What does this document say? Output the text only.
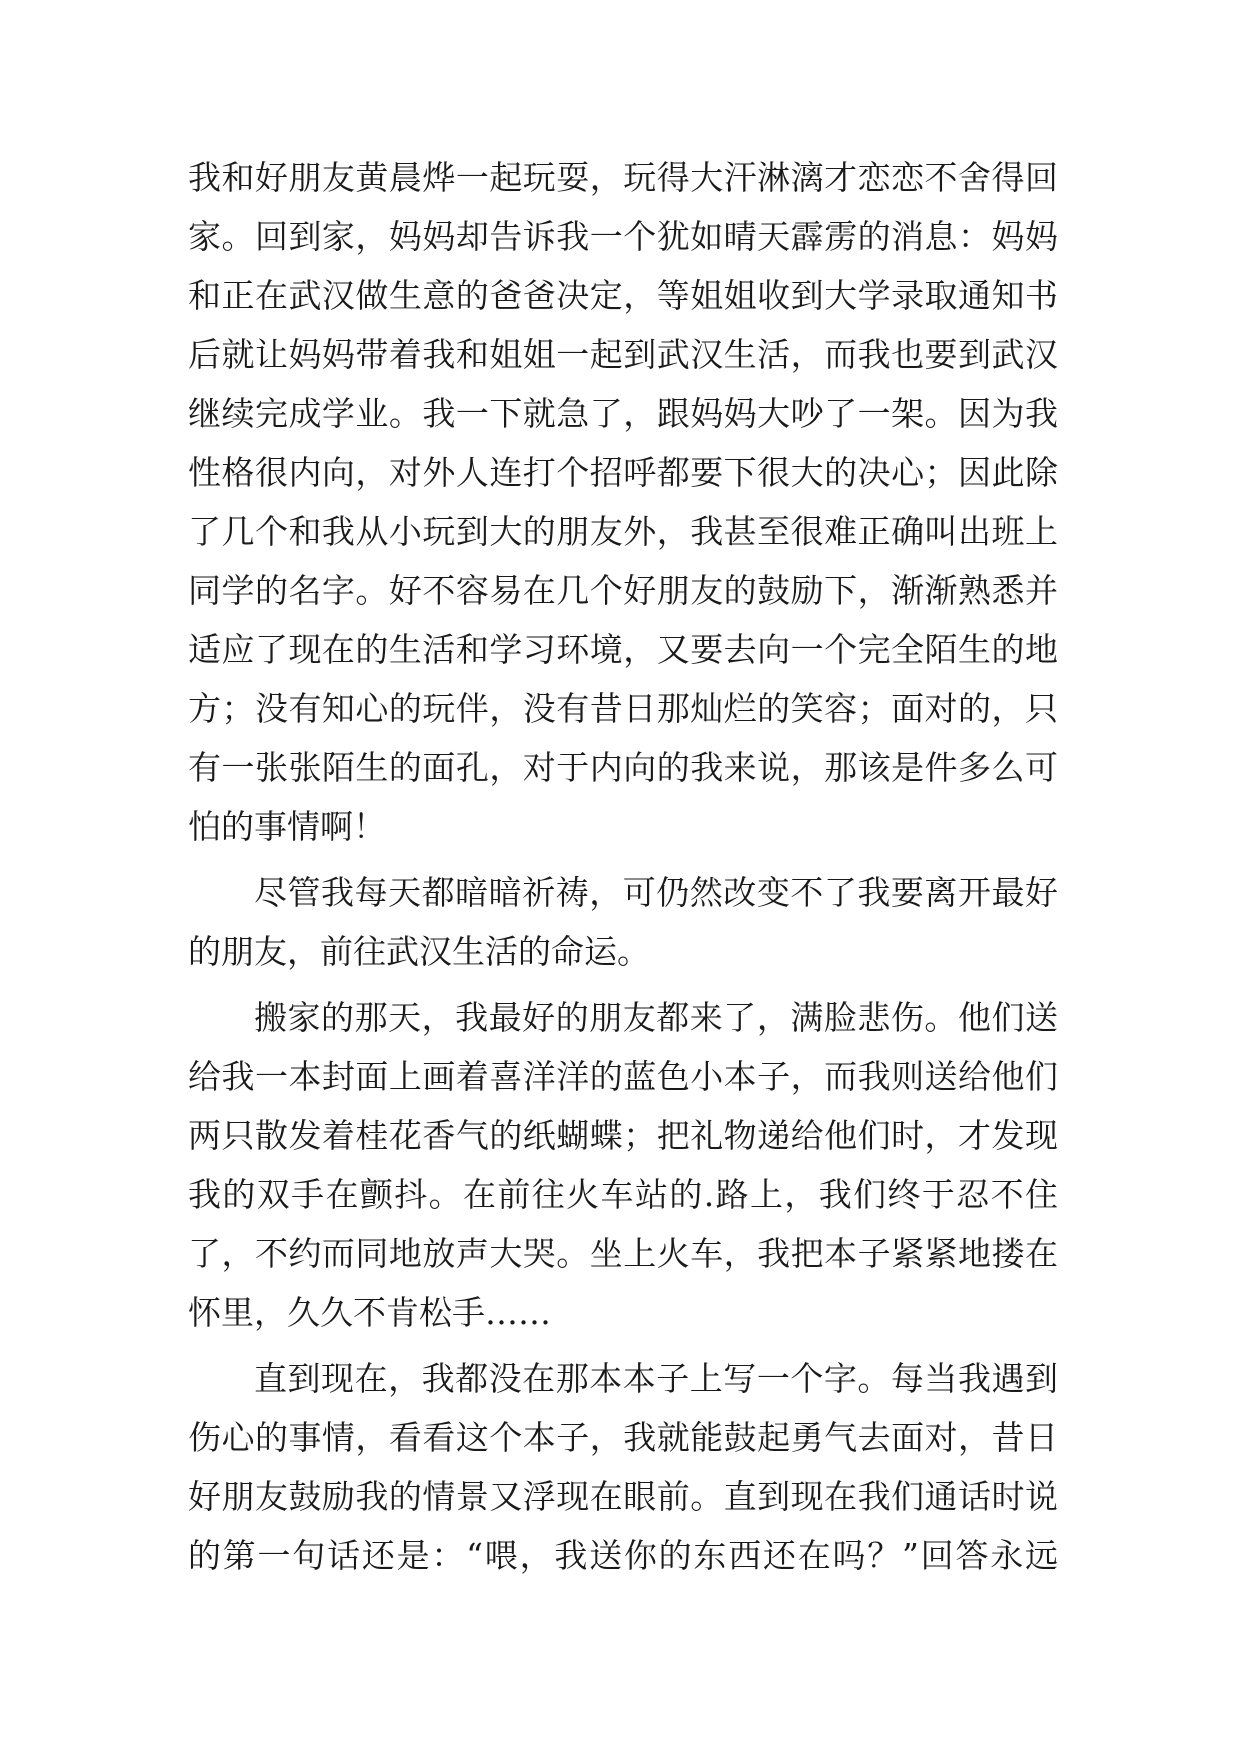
我和好朋友黄晨烨一起玩耍，玩得大汗淋漓才恋恋不舍得回
家。回到家，妈妈却告诉我一个犹如晴天霹雳的消息：妈妈
和正在武汉做生意的爸爸决定，等姐姐收到大学录取通知书
后就让妈妈带着我和姐姐一起到武汉生活，而我也要到武汉
继续完成学业。我一下就急了，跟妈妈大吵了一架。因为我
性格很内向，对外人连打个招呼都要下很大的决心；因此除
了几个和我从小玩到大的朋友外，我甚至很难正确叫出班上
同学的名字。好不容易在几个好朋友的鼓励下，渐渐熟悉并
适应了现在的生活和学习环境，又要去向一个完全陌生的地
方；没有知心的玩伴，没有昔日那灿烂的笑容；面对的，只
有一张张陌生的面孔，对于内向的我来说，那该是件多么可
怕的事情啊！
尽管我每天都暗暗祈祷，可仍然改变不了我要离开最好
的朋友，前往武汉生活的命运。
搬家的那天，我最好的朋友都来了，满脸悲伤。他们送
给我一本封面上画着喜洋洋的蓝色小本子，而我则送给他们
两只散发着桂花香气的纸蝴蝶；把礼物递给他们时，才发现
我的双手在颤抖。在前往火车站的.路上，我们终于忍不住
了，不约而同地放声大哭。坐上火车，我把本子紧紧地搂在
怀里，久久不肯松手……
直到现在，我都没在那本本子上写一个字。每当我遇到
伤心的事情，看看这个本子，我就能鼓起勇气去面对，昔日
好朋友鼓励我的情景又浮现在眼前。直到现在我们通话时说
的第一句话还是：“喂，我送你的东西还在吗？”回答永远
